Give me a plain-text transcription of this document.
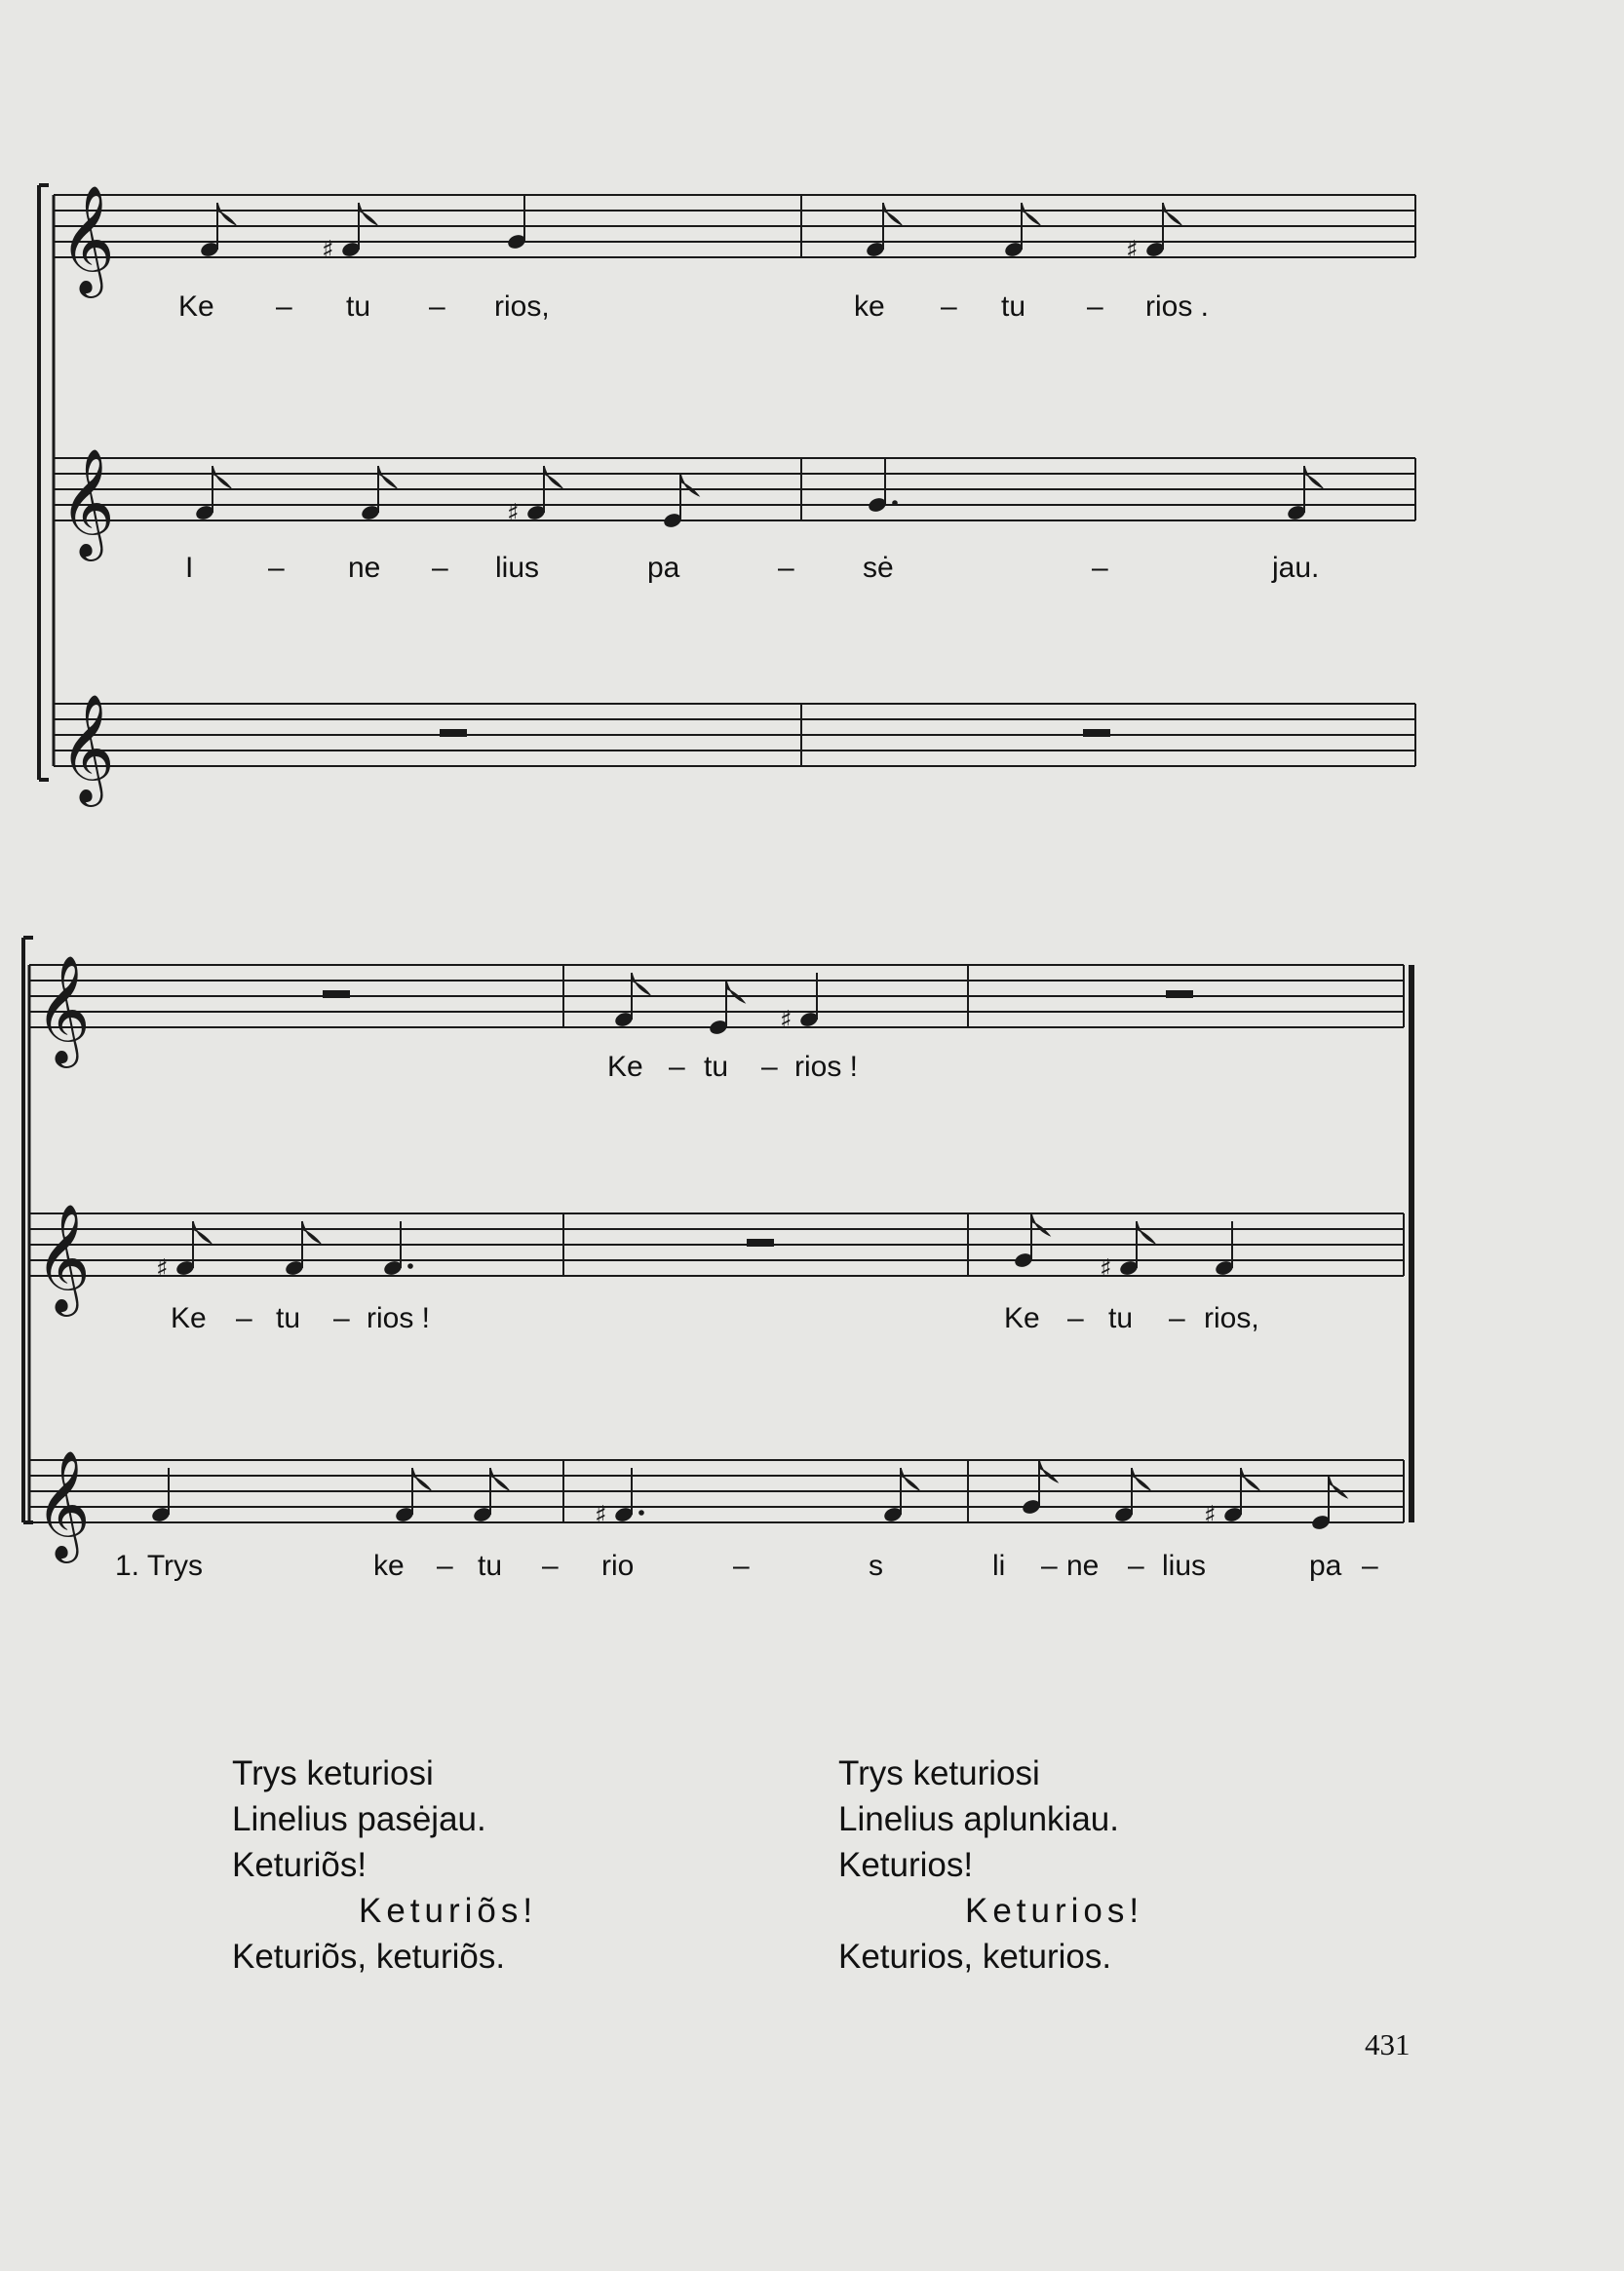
𝄞
𝄞
𝄞
𝄞
𝄞
𝄞
♯	♯
♯
♯
♯	♯
♯	♯
Ke – tu – rios,	ke – tu – rios .
I	– ne – lius	pa	– sė	–	jau.
Ke – tu – rios !
Ke – tu – rios !	Ke – tu – rios,
1. Trys	ke – tu – rio	–	s	li – ne – lius	pa –
Trys keturiosi
Linelius pasėjau.
Keturiõs!
Keturiõs!
Keturiõs, keturiõs.
Trys keturiosi
Linelius aplunkiau.
Keturios!
Keturios!
Keturios, keturios.
431
